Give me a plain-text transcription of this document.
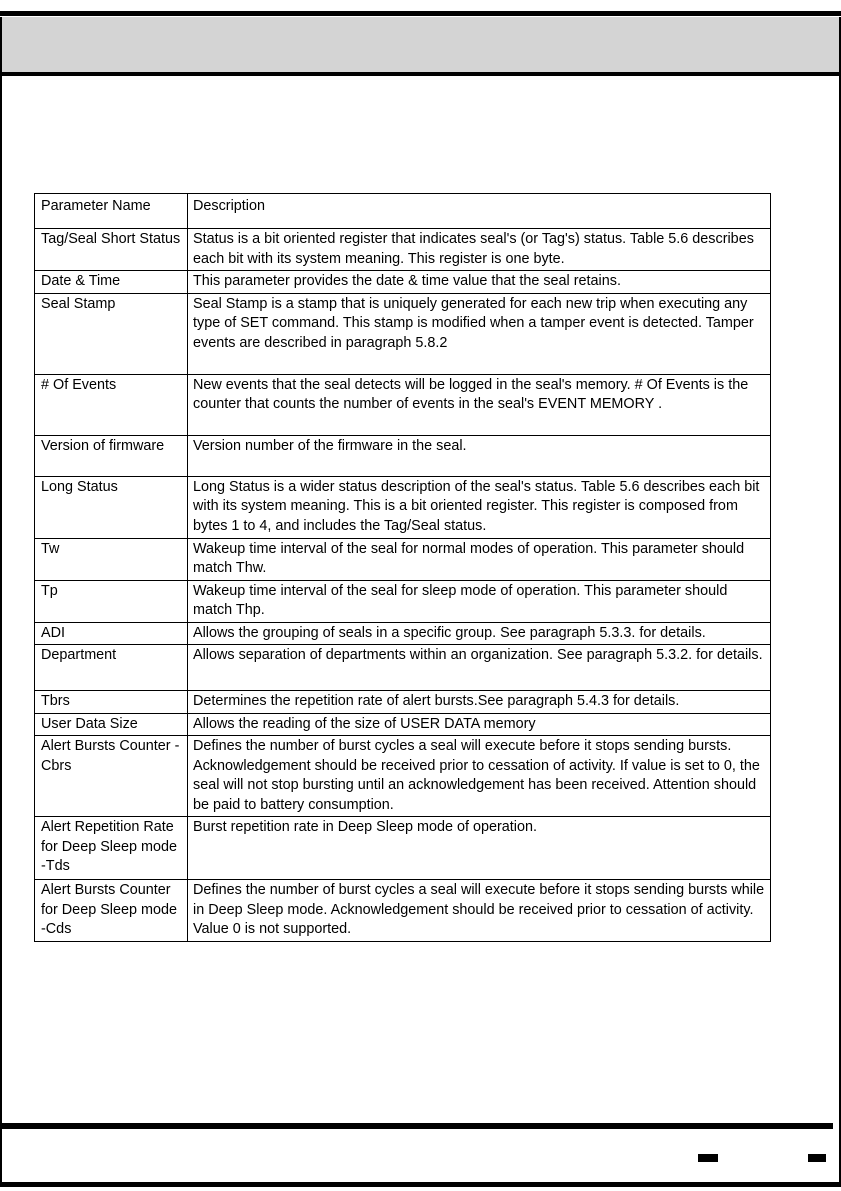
Parameter Name	Description
Tag/Seal Short Status	Status is a bit oriented register that indicates seal's (or Tag's) status. Table 5.6 describes each bit with its system meaning. This register is one byte.
Date & Time	This parameter provides the date & time value that the seal retains.
Seal Stamp	Seal Stamp is a stamp that is uniquely generated for each new trip when executing any type of SET command. This stamp is modified when a tamper event is detected. Tamper events are described in paragraph 5.8.2
# Of Events	New events that the seal detects will be logged in the seal's memory. # Of Events is the counter that counts the number of events in the seal's EVENT MEMORY .
Version of firmware	Version number of the firmware in the seal.
Long Status	Long Status is a wider status description of the seal's status. Table 5.6 describes each bit with its system meaning. This is a bit oriented register. This register is composed from bytes 1 to 4, and includes the Tag/Seal status.
Tw	Wakeup time interval of the seal for normal modes of operation. This parameter should match Thw.
Tp	Wakeup time interval of the seal for sleep mode of operation. This parameter should match Thp.
ADI	Allows the grouping of seals in a specific group. See paragraph 5.3.3. for details.
Department	Allows separation of departments within an organization. See paragraph 5.3.2. for details.
Tbrs	Determines the repetition rate of alert bursts.See paragraph 5.4.3 for details.
User Data Size	Allows the reading of the size of USER DATA memory
Alert Bursts Counter - Cbrs	Defines the number of burst cycles a seal will execute before it stops sending bursts. Acknowledgement should be received prior to cessation of activity. If value is set to 0, the seal will not stop bursting until an acknowledgement has been received. Attention should be paid to battery consumption.
Alert Repetition Rate for Deep Sleep mode -Tds	Burst repetition rate in Deep Sleep mode of operation.
Alert Bursts Counter for Deep Sleep mode -Cds	Defines the number of burst cycles a seal will execute before it stops sending bursts while in Deep Sleep mode. Acknowledgement should be received prior to cessation of activity. Value 0 is not supported.
